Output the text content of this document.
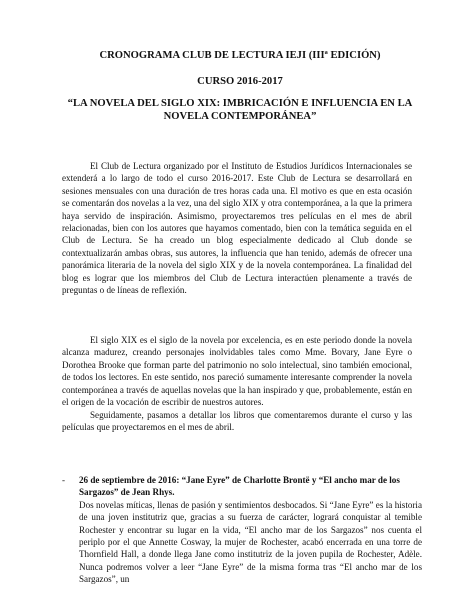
CRONOGRAMA CLUB DE LECTURA IEJI (IIIª EDICIÓN)

CURSO 2016-2017

“LA NOVELA DEL SIGLO XIX: IMBRICACIÓN E INFLUENCIA EN LA NOVELA CONTEMPORÁNEA”

El Club de Lectura organizado por el Instituto de Estudios Jurídicos Internacionales se extenderá a lo largo de todo el curso 2016-2017. Este Club de Lectura se desarrollará en sesiones mensuales con una duración de tres horas cada una. El motivo es que en esta ocasión se comentarán dos novelas a la vez, una del siglo XIX y otra contemporánea, a la que la primera haya servido de inspiración. Asimismo, proyectaremos tres películas en el mes de abril relacionadas, bien con los autores que hayamos comentado, bien con la temática seguida en el Club de Lectura. Se ha creado un blog especialmente dedicado al Club donde se contextualizarán ambas obras, sus autores, la influencia que han tenido, además de ofrecer una panorámica literaria de la novela del siglo XIX y de la novela contemporánea. La finalidad del blog es lograr que los miembros del Club de Lectura interactúen plenamente a través de preguntas o de líneas de reflexión.

El siglo XIX es el siglo de la novela por excelencia, es en este periodo donde la novela alcanza madurez, creando personajes inolvidables tales como Mme. Bovary, Jane Eyre o Dorothea Brooke que forman parte del patrimonio no solo intelectual, sino también emocional, de todos los lectores. En este sentido, nos pareció sumamente interesante comprender la novela contemporánea a través de aquellas novelas que la han inspirado y que, probablemente, están en el origen de la vocación de escribir de nuestros autores.

Seguidamente, pasamos a detallar los libros que comentaremos durante el curso y las películas que proyectaremos en el mes de abril.

- 26 de septiembre de 2016: “Jane Eyre” de Charlotte Brontë y “El ancho mar de los Sargazos” de Jean Rhys.

Dos novelas míticas, llenas de pasión y sentimientos desbocados. Si “Jane Eyre” es la historia de una joven institutriz que, gracias a su fuerza de carácter, logrará conquistar al temible Rochester y encontrar su lugar en la vida, “El ancho mar de los Sargazos” nos cuenta el periplo por el que Annette Cosway, la mujer de Rochester, acabó encerrada en una torre de Thornfield Hall, a donde llega Jane como institutriz de la joven pupila de Rochester, Adèle. Nunca podremos volver a leer “Jane Eyre” de la misma forma tras “El ancho mar de los Sargazos”, un
